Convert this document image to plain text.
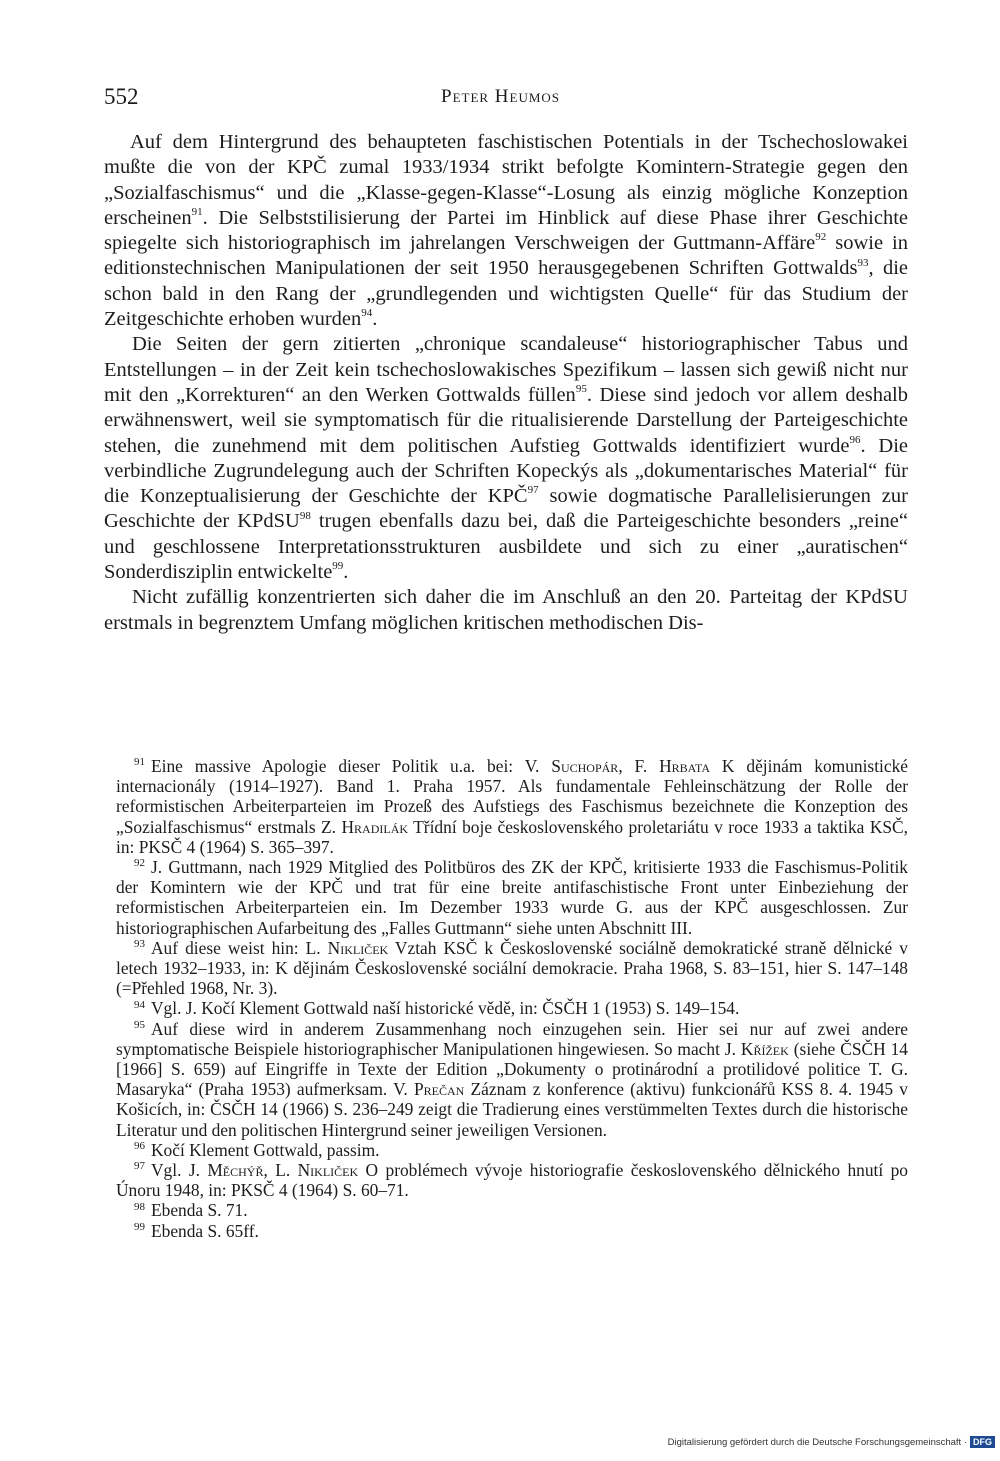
552	Peter Heumos

Auf dem Hintergrund des behaupteten faschistischen Potentials in der Tschechoslowakei mußte die von der KPČ zumal 1933/1934 strikt befolgte Komintern-Strategie gegen den „Sozialfaschismus“ und die „Klasse-gegen-Klasse“-Losung als einzig mögliche Konzeption erscheinen$^{91}$. Die Selbststilisierung der Partei im Hinblick auf diese Phase ihrer Geschichte spiegelte sich historiographisch im jahrelangen Verschweigen der Guttmann-Affäre$^{92}$ sowie in editionstechnischen Manipulationen der seit 1950 herausgegebenen Schriften Gottwalds$^{93}$, die schon bald in den Rang der „grundlegenden und wichtigsten Quelle“ für das Studium der Zeitgeschichte erhoben wurden$^{94}$.

Die Seiten der gern zitierten „chronique scandaleuse“ historiographischer Tabus und Entstellungen – in der Zeit kein tschechoslowakisches Spezifikum – lassen sich gewiß nicht nur mit den „Korrekturen“ an den Werken Gottwalds füllen$^{95}$. Diese sind jedoch vor allem deshalb erwähnenswert, weil sie symptomatisch für die ritualisierende Darstellung der Parteigeschichte stehen, die zunehmend mit dem politischen Aufstieg Gottwalds identifiziert wurde$^{96}$. Die verbindliche Zugrundelegung auch der Schriften Kopeckýs als „dokumentarisches Material“ für die Konzeptualisierung der Geschichte der KPČ$^{97}$ sowie dogmatische Parallelisierungen zur Geschichte der KPdSU$^{98}$ trugen ebenfalls dazu bei, daß die Parteigeschichte besonders „reine“ und geschlossene Interpretationsstrukturen ausbildete und sich zu einer „auratischen“ Sonderdisziplin entwickelte$^{99}$.

Nicht zufällig konzentrierten sich daher die im Anschluß an den 20. Parteitag der KPdSU erstmals in begrenztem Umfang möglichen kritischen methodischen Dis-

$^{91}$ Eine massive Apologie dieser Politik u.a. bei: V. Suchopár, F. Hrbata K dějinám komunistické internacionály (1914–1927). Band 1. Praha 1957. Als fundamentale Fehleinschätzung der Rolle der reformistischen Arbeiterparteien im Prozeß des Aufstiegs des Faschismus bezeichnete die Konzeption des „Sozialfaschismus“ erstmals Z. Hradilák Třídní boje československého proletariátu v roce 1933 a taktika KSČ, in: PKSČ 4 (1964) S. 365–397.

$^{92}$ J. Guttmann, nach 1929 Mitglied des Politbüros des ZK der KPČ, kritisierte 1933 die Faschismus-Politik der Komintern wie der KPČ und trat für eine breite antifaschistische Front unter Einbeziehung der reformistischen Arbeiterparteien ein. Im Dezember 1933 wurde G. aus der KPČ ausgeschlossen. Zur historiographischen Aufarbeitung des „Falles Guttmann“ siehe unten Abschnitt III.

$^{93}$ Auf diese weist hin: L. Nikliček Vztah KSČ k Československé sociálně demokratické straně dělnické v letech 1932–1933, in: K dějinám Československé sociální demokracie. Praha 1968, S. 83–151, hier S. 147–148 (=Přehled 1968, Nr. 3).

$^{94}$ Vgl. J. Kočí Klement Gottwald naší historické vědě, in: ČSČH 1 (1953) S. 149–154.

$^{95}$ Auf diese wird in anderem Zusammenhang noch einzugehen sein. Hier sei nur auf zwei andere symptomatische Beispiele historiographischer Manipulationen hingewiesen. So macht J. Křížek (siehe ČSČH 14 [1966] S. 659) auf Eingriffe in Texte der Edition „Dokumenty o protinárodní a protilidové politice T. G. Masaryka“ (Praha 1953) aufmerksam. V. Prečan Záznam z konference (aktivu) funkcionářů KSS 8. 4. 1945 v Košicích, in: ČSČH 14 (1966) S. 236–249 zeigt die Tradierung eines verstümmelten Textes durch die historische Literatur und den politischen Hintergrund seiner jeweiligen Versionen.

$^{96}$ Kočí Klement Gottwald, passim.

$^{97}$ Vgl. J. Měchýř, L. Nikliček O problémech vývoje historiografie československého dělnického hnutí po Únoru 1948, in: PKSČ 4 (1964) S. 60–71.

$^{98}$ Ebenda S. 71.

$^{99}$ Ebenda S. 65ff.

Digitalisierung gefördert durch die Deutsche Forschungsgemeinschaft · DFG
